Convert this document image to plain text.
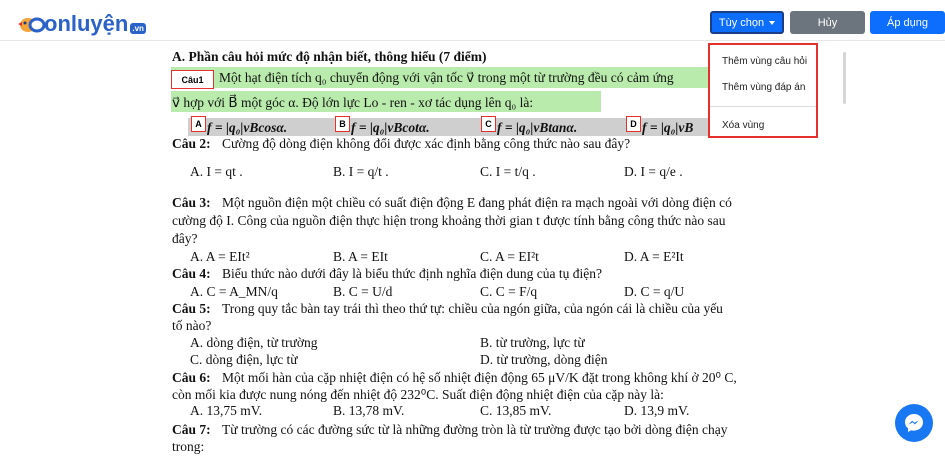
onluyện .vn	Tùy chọn	Hủy	Áp dụng
A. Phần câu hỏi mức độ nhận biết, thông hiểu (7 điểm)
Câu1	Một hạt điện tích q₀ chuyển động với vận tốc v⃗ trong một từ trường đều có cảm ứng
v⃗ hợp với B⃗ một góc α. Độ lớn lực Lo - ren - xơ tác dụng lên q₀ là:
A f = |q₀|vBcosα.	B f = |q₀|vBcotα.	C f = |q₀|vBtanα.	D f = |q₀|vB
Câu 2: Cường độ dòng điện không đổi được xác định bằng công thức nào sau đây?
A. I = qt .	B. I = q/t .	C. I = t/q .	D. I = q/e .
Câu 3: Một nguồn điện một chiều có suất điện động E đang phát điện ra mạch ngoài với dòng điện có
cường độ I. Công của nguồn điện thực hiện trong khoảng thời gian t được tính bằng công thức nào sau
đây?
A. A = EIt²	B. A = EIt	C. A = EI²t	D. A = E²It
Câu 4: Biểu thức nào dưới đây là biểu thức định nghĩa điện dung của tụ điện?
A. C = A_MN/q	B. C = U/d	C. C = F/q	D. C = q/U
Câu 5: Trong quy tắc bàn tay trái thì theo thứ tự: chiều của ngón giữa, của ngón cái là chiều của yếu
tố nào?
A. dòng điện, từ trường	B. từ trường, lực từ
C. dòng điện, lực từ	D. từ trường, dòng điện
Câu 6: Một mối hàn của cặp nhiệt điện có hệ số nhiệt điện động 65 μV/K đặt trong không khí ở 20⁰ C,
còn mối kia được nung nóng đến nhiệt độ 232⁰C. Suất điện động nhiệt điện của cặp này là:
A. 13,75 mV.	B. 13,78 mV.	C. 13,85 mV.	D. 13,9 mV.
Câu 7: Từ trường có các đường sức từ là những đường tròn là từ trường được tạo bởi dòng điện chạy
trong:
Thêm vùng câu hỏi
Thêm vùng đáp án
Xóa vùng
